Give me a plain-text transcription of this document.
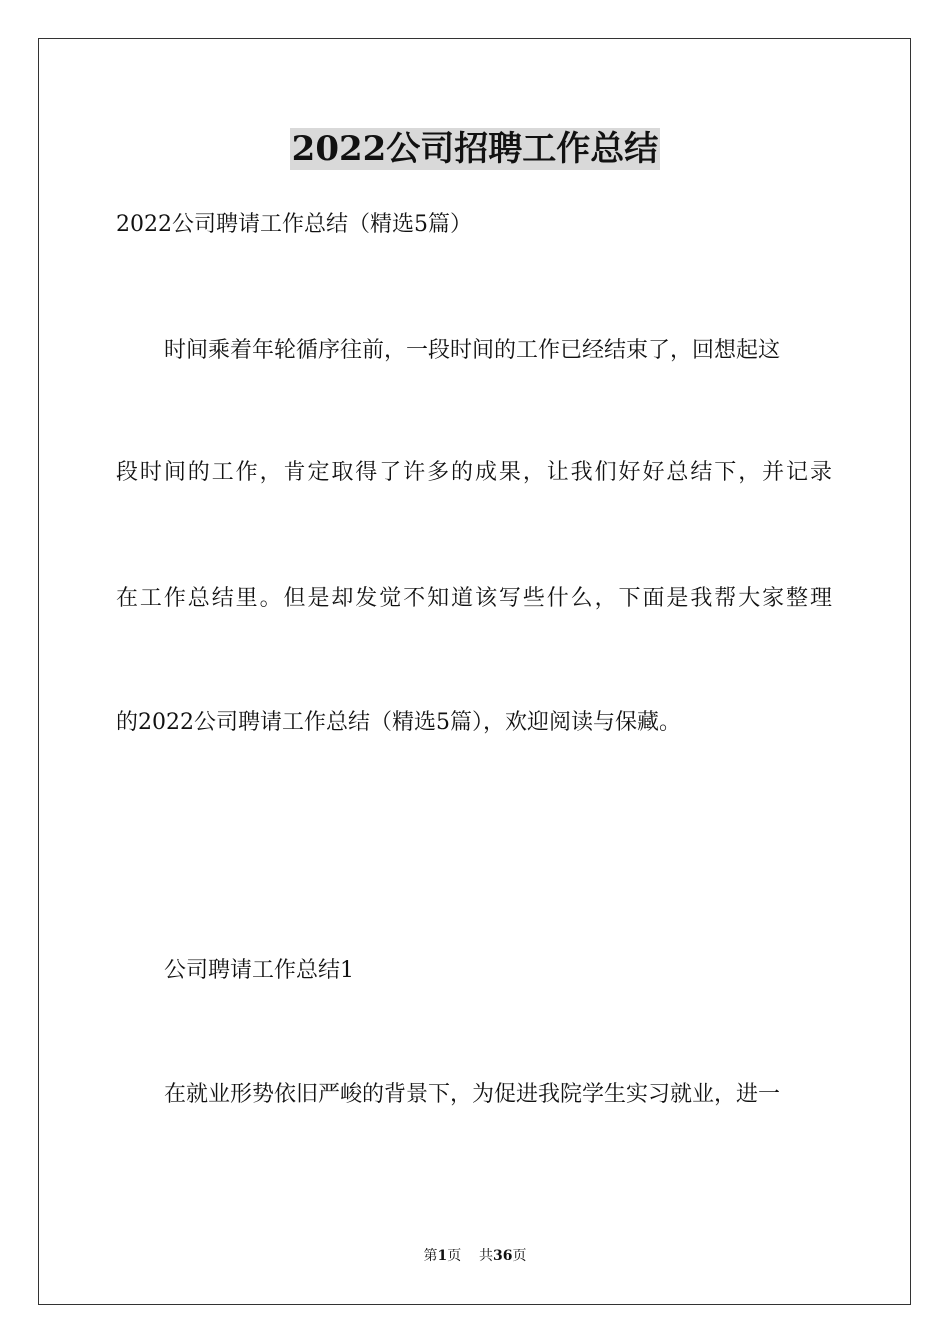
2022公司招聘工作总结
2022公司聘请工作总结（精选5篇）
时间乘着年轮循序往前，一段时间的工作已经结束了，回想起这
段时间的工作，肯定取得了许多的成果，让我们好好总结下，并记录
在工作总结里。但是却发觉不知道该写些什么，下面是我帮大家整理
的2022公司聘请工作总结（精选5篇），欢迎阅读与保藏。
公司聘请工作总结1
在就业形势依旧严峻的背景下，为促进我院学生实习就业，进一
第1页 共36页
